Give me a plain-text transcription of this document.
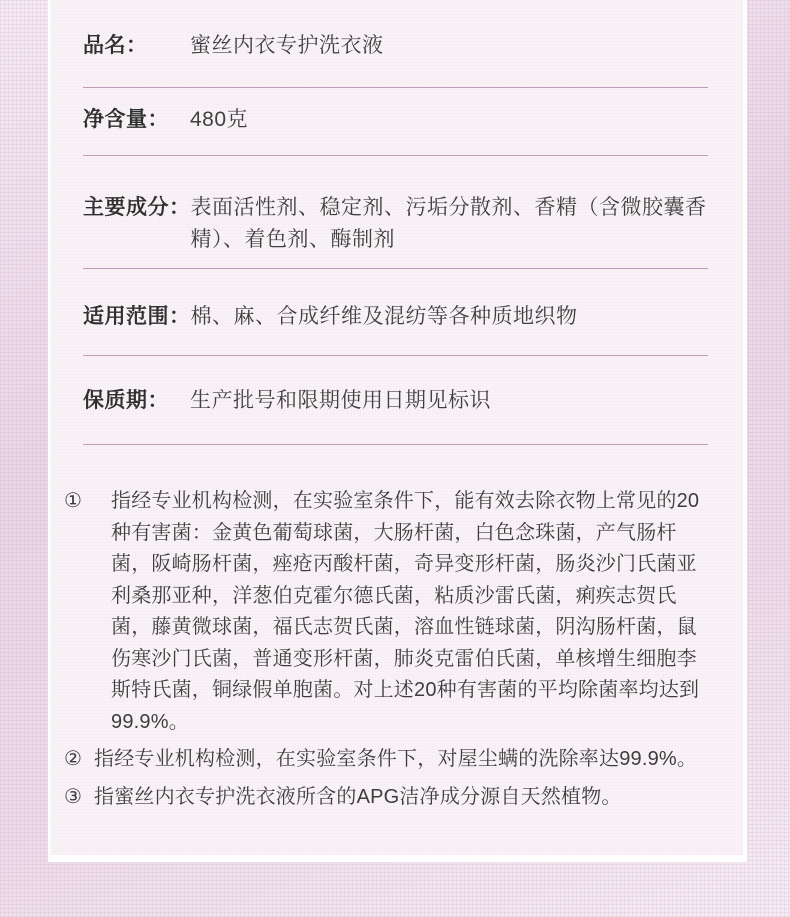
品名：	蜜丝内衣专护洗衣液
净含量：	480克
主要成分： 表面活性剂、稳定剂、污垢分散剂、香精（含微胶囊香精）、着色剂、酶制剂
适用范围： 棉、麻、合成纤维及混纺等各种质地织物
保质期：	生产批号和限期使用日期见标识

① 指经专业机构检测，在实验室条件下，能有效去除衣物上常见的20种有害菌：金黄色葡萄球菌，大肠杆菌，白色念珠菌，产气肠杆菌，阪崎肠杆菌，痤疮丙酸杆菌，奇异变形杆菌，肠炎沙门氏菌亚利桑那亚种，洋葱伯克霍尔德氏菌，粘质沙雷氏菌，痢疾志贺氏菌，藤黄微球菌，福氏志贺氏菌，溶血性链球菌，阴沟肠杆菌，鼠伤寒沙门氏菌，普通变形杆菌，肺炎克雷伯氏菌，单核增生细胞李斯特氏菌，铜绿假单胞菌。对上述20种有害菌的平均除菌率均达到99.9%。

② 指经专业机构检测，在实验室条件下，对屋尘螨的洗除率达99.9%。

③ 指蜜丝内衣专护洗衣液所含的APG洁净成分源自天然植物。
